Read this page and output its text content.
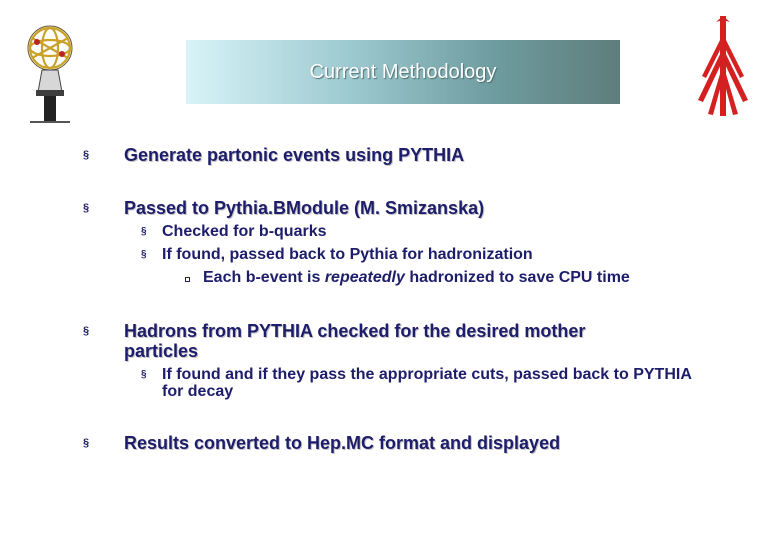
Current Methodology
§ Generate partonic events using PYTHIA
§ Passed to Pythia.BModule (M. Smizanska)
§ Checked for b-quarks
§ If found, passed back to Pythia for hadronization
Each b-event is repeatedly hadronized to save CPU time
§ Hadrons from PYTHIA checked for the desired mother particles
§ If found and if they pass the appropriate cuts, passed back to PYTHIA for decay
§ Results converted to Hep.MC format and displayed
